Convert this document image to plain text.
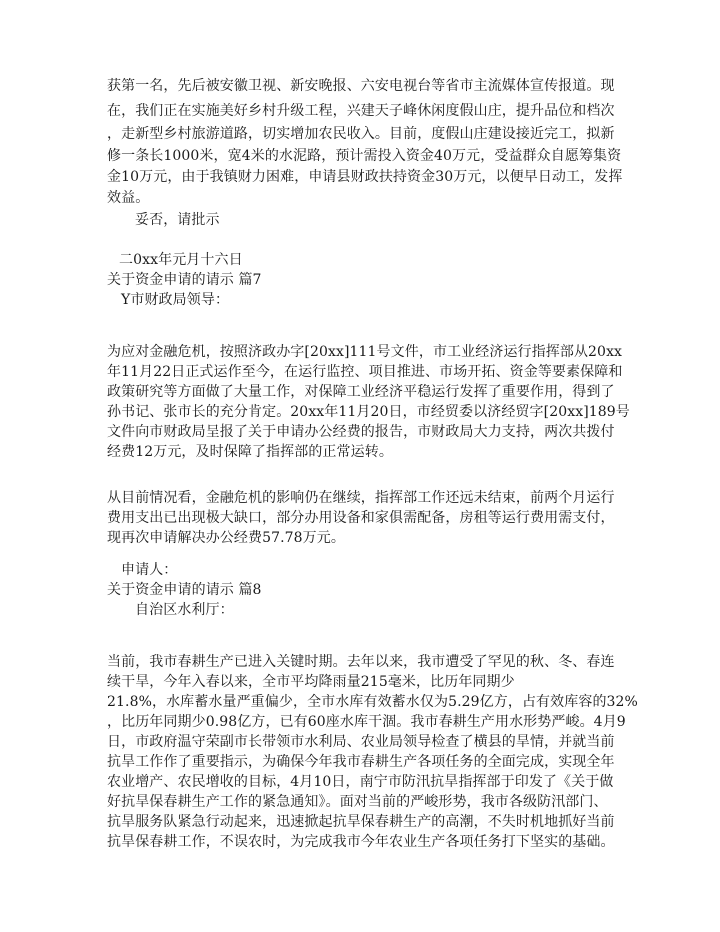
获第一名，先后被安徽卫视、新安晚报、六安电视台等省市主流媒体宣传报道。现
在，我们正在实施美好乡村升级工程，兴建天子峰休闲度假山庄，提升品位和档次
，走新型乡村旅游道路，切实增加农民收入。目前，度假山庄建设接近完工，拟新
修一条长1000米，宽4米的水泥路，预计需投入资金40万元，受益群众自愿筹集资
金10万元，由于我镇财力困难，申请县财政扶持资金30万元，以便早日动工，发挥
效益。
妥否，请批示
二0xx年元月十六日
关于资金申请的请示 篇7
Y市财政局领导：
为应对金融危机，按照济政办字[20xx]111号文件，市工业经济运行指挥部从20xx
年11月22日正式运作至今，在运行监控、项目推进、市场开拓、资金等要素保障和
政策研究等方面做了大量工作，对保障工业经济平稳运行发挥了重要作用，得到了
孙书记、张市长的充分肯定。20xx年11月20日，市经贸委以济经贸字[20xx]189号
文件向市财政局呈报了关于申请办公经费的报告，市财政局大力支持，两次共拨付
经费12万元，及时保障了指挥部的正常运转。
从目前情况看，金融危机的影响仍在继续，指挥部工作还远未结束，前两个月运行
费用支出已出现极大缺口，部分办用设备和家俱需配备，房租等运行费用需支付，
现再次申请解决办公经费57.78万元。
申请人：
关于资金申请的请示 篇8
自治区水利厅：
当前，我市春耕生产已进入关键时期。去年以来，我市遭受了罕见的秋、冬、春连
续干旱，今年入春以来，全市平均降雨量215毫米，比历年同期少
21.8%，水库蓄水量严重偏少，全市水库有效蓄水仅为5.29亿方，占有效库容的32%
，比历年同期少0.98亿方，已有60座水库干涸。我市春耕生产用水形势严峻。4月9
日，市政府温守荣副市长带领市水利局、农业局领导检查了横县的旱情，并就当前
抗旱工作作了重要指示，为确保今年我市春耕生产各项任务的全面完成，实现全年
农业增产、农民增收的目标，4月10日，南宁市防汛抗旱指挥部于印发了《关于做
好抗旱保春耕生产工作的紧急通知》。面对当前的严峻形势，我市各级防汛部门、
抗旱服务队紧急行动起来，迅速掀起抗旱保春耕生产的高潮，不失时机地抓好当前
抗旱保春耕工作，不误农时，为完成我市今年农业生产各项任务打下坚实的基础。
